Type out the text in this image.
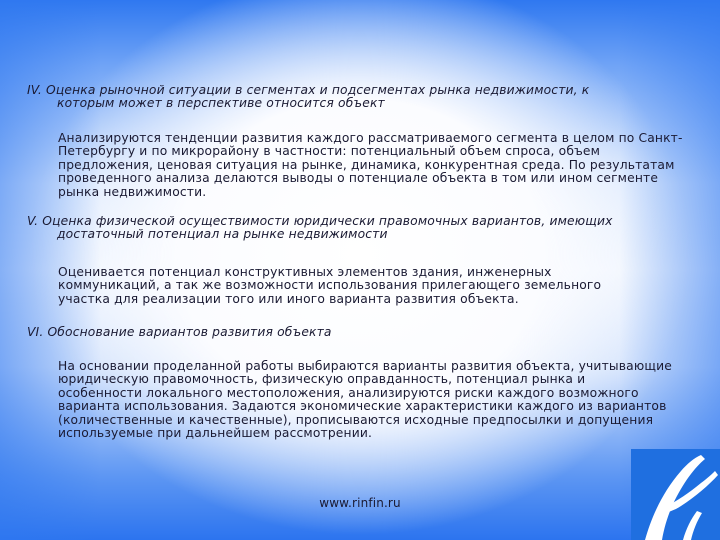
IV. Оценка рыночной ситуации в сегментах и подсегментах рынка недвижимости, к
которым может в перспективе относится объект
Анализируются тенденции развития каждого рассматриваемого сегмента в целом по Санкт-Петербургу и по микрорайону в частности: потенциальный объем спроса, объем предложения, ценовая ситуация на рынке, динамика, конкурентная среда. По результатам проведенного анализа делаются выводы о потенциале объекта в том или ином сегменте рынка недвижимости.
V. Оценка физической осуществимости юридически правомочных вариантов, имеющих
достаточный потенциал на рынке недвижимости
Оценивается потенциал конструктивных элементов здания, инженерных коммуникаций, а так же возможности использования прилегающего земельного участка для реализации того или иного варианта развития объекта.
VI. Обоснование вариантов развития объекта
На основании проделанной работы выбираются варианты развития объекта, учитывающие юридическую правомочность, физическую оправданность, потенциал рынка и особенности локального местоположения, анализируются риски каждого возможного варианта использования. Задаются экономические характеристики каждого из вариантов (количественные и качественные), прописываются исходные предпосылки и допущения используемые при дальнейшем рассмотрении.
www.rinfin.ru
